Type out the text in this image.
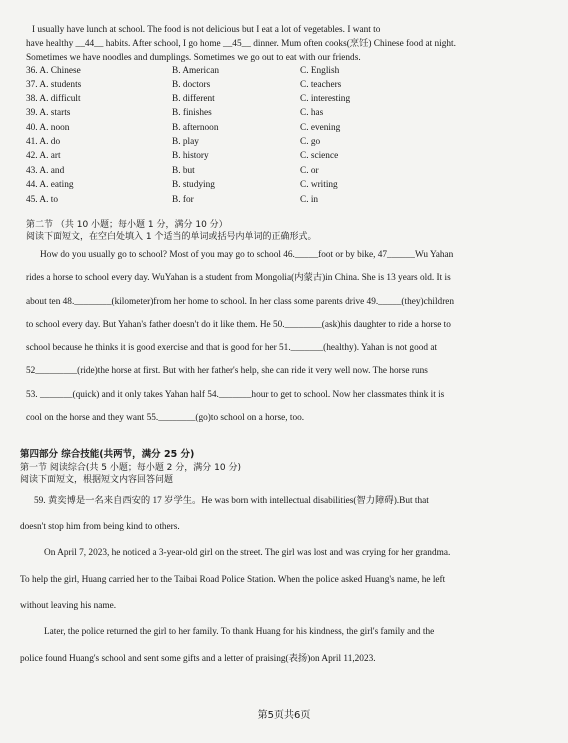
I usually have lunch at school. The food is not delicious but I eat a lot of vegetables. I want to
have healthy __44__ habits. After school, I go home __45__ dinner. Mum often cooks(烹饪) Chinese food at night.
Sometimes we have noodles and dumplings. Sometimes we go out to eat with our friends.
36. A. Chinese	B. American	C. English
37. A. students	B. doctors	C. teachers
38. A. difficult	B. different	C. interesting
39. A. starts	B. finishes	C. has
40. A. noon	B. afternoon	C. evening
41. A. do	B. play	C. go
42. A. art	B. history	C. science
43. A. and	B. but	C. or
44. A. eating	B. studying	C. writing
45. A. to	B. for	C. in
第二节 （共 10 小题；每小题 1 分，满分 10 分）
阅读下面短文，在空白处填入 1 个适当的单词或括号内单词的正确形式。
How do you usually go to school? Most of you may go to school 46._____foot or by bike, 47______Wu Yahan
rides a horse to school every day. WuYahan is a student from Mongolia(内蒙古)in China. She is 13 years old. It is
about ten 48.________(kilometer)from her home to school. In her class some parents drive 49._____(they)children
to school every day. But Yahan's father doesn't do it like them. He 50.________(ask)his daughter to ride a horse to
school because he thinks it is good exercise and that is good for her 51._______(healthy). Yahan is not good at
52_________(ride)the horse at first. But with her father's help, she can ride it very well now. The horse runs
53. _______(quick) and it only takes Yahan half 54._______hour to get to school. Now her classmates think it is
cool on the horse and they want 55.________(go)to school on a horse, too.
第四部分 综合技能(共两节，满分 25 分)
第一节 阅读综合(共 5 小题；每小题 2 分，满分 10 分)
阅读下面短文，根据短文内容回答问题
59. 黄奕博是一名来自西安的 17 岁学生。He was born with intellectual disabilities(智力障碍).But that
doesn't stop him from being kind to others.
On April 7, 2023, he noticed a 3-year-old girl on the street. The girl was lost and was crying for her grandma.
To help the girl, Huang carried her to the Taibai Road Police Station. When the police asked Huang's name, he left
without leaving his name.
Later, the police returned the girl to her family. To thank Huang for his kindness, the girl's family and the
police found Huang's school and sent some gifts and a letter of praising(表扬)on April 11,2023.
第5页共6页
